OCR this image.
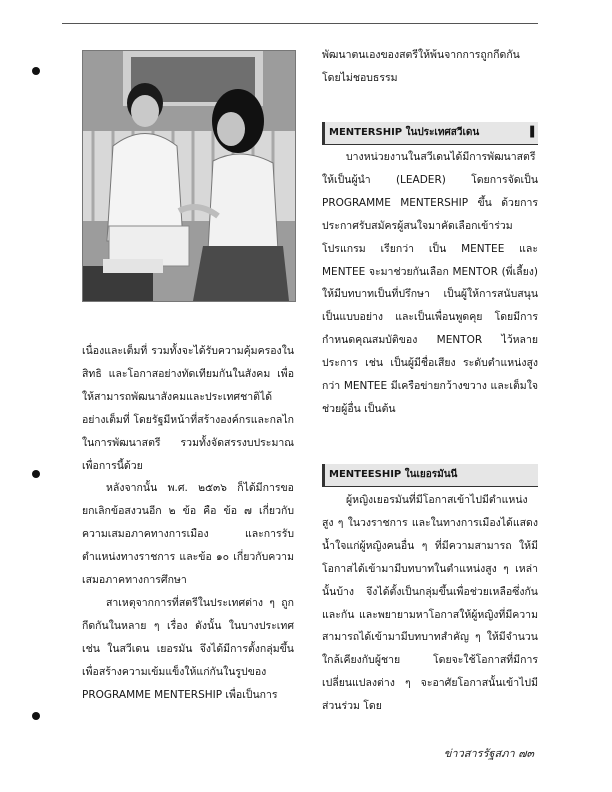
พัฒนาตนเองของสตรีให้พ้นจากการถูกกีดกันโดยไม่ชอบธรรม

MENTERSHIP ในประเทศสวีเดน	▐

บางหน่วยงานในสวีเดนได้มีการพัฒนาสตรีให้เป็นผู้นำ (LEADER) โดยการจัดเป็น PROGRAMME MENTERSHIP ขึ้น ด้วยการประกาศรับสมัครผู้สนใจมาคัดเลือกเข้าร่วมโปรแกรม เรียกว่า เป็น MENTEE และ MENTEE จะมาช่วยกันเลือก MENTOR (พี่เลี้ยง) ให้มีบทบาทเป็นที่ปรึกษา เป็นผู้ให้การสนับสนุน เป็นแบบอย่าง และเป็นเพื่อนพูดคุย โดยมีการกำหนดคุณสมบัติของ MENTOR ไว้หลายประการ เช่น เป็นผู้มีชื่อเสียง ระดับตำแหน่งสูงกว่า MENTEE มีเครือข่ายกว้างขวาง และเต็มใจช่วยผู้อื่น เป็นต้น

MENTEESHIP ในเยอรมันนี

ผู้หญิงเยอรมันที่มีโอกาสเข้าไปมีตำแหน่งสูง ๆ ในวงราชการ และในทางการเมืองได้แสดงน้ำใจแก่ผู้หญิงคนอื่น ๆ ที่มีความสามารถ ให้มีโอกาสได้เข้ามามีบทบาทในตำแหน่งสูง ๆ เหล่านั้นบ้าง จึงได้ตั้งเป็นกลุ่มขึ้นเพื่อช่วยเหลือซึ่งกันและกัน และพยายามหาโอกาสให้ผู้หญิงที่มีความสามารถได้เข้ามามีบทบาทสำคัญ ๆ ให้มีจำนวนใกล้เคียงกับผู้ชาย โดยจะใช้โอกาสที่มีการเปลี่ยนแปลงต่าง ๆ จะอาศัยโอกาสนั้นเข้าไปมีส่วนร่วม โดย

เนื่องและเต็มที่ รวมทั้งจะได้รับความคุ้มครองในสิทธิ และโอกาสอย่างทัดเทียมกันในสังคม เพื่อให้สามารถพัฒนาสังคมและประเทศชาติได้อย่างเต็มที่ โดยรัฐมีหน้าที่สร้างองค์กรและกลไกในการพัฒนาสตรี รวมทั้งจัดสรรงบประมาณเพื่อการนี้ด้วย

หลังจากนั้น พ.ศ. ๒๕๓๖ ก็ได้มีการขอยกเลิกข้อสงวนอีก ๒ ข้อ คือ ข้อ ๗ เกี่ยวกับความเสมอภาคทางการเมือง และการรับตำแหน่งทางราชการ และข้อ ๑๐ เกี่ยวกับความเสมอภาคทางการศึกษา

สาเหตุจากการที่สตรีในประเทศต่าง ๆ ถูกกีดกันในหลาย ๆ เรื่อง ดังนั้น ในบางประเทศ เช่น ในสวีเดน เยอรมัน จึงได้มีการตั้งกลุ่มขึ้นเพื่อสร้างความเข้มแข็งให้แก่กันในรูปของ PROGRAMME MENTERSHIP เพื่อเป็นการ

ข่าวสารรัฐสภา ๗๓
